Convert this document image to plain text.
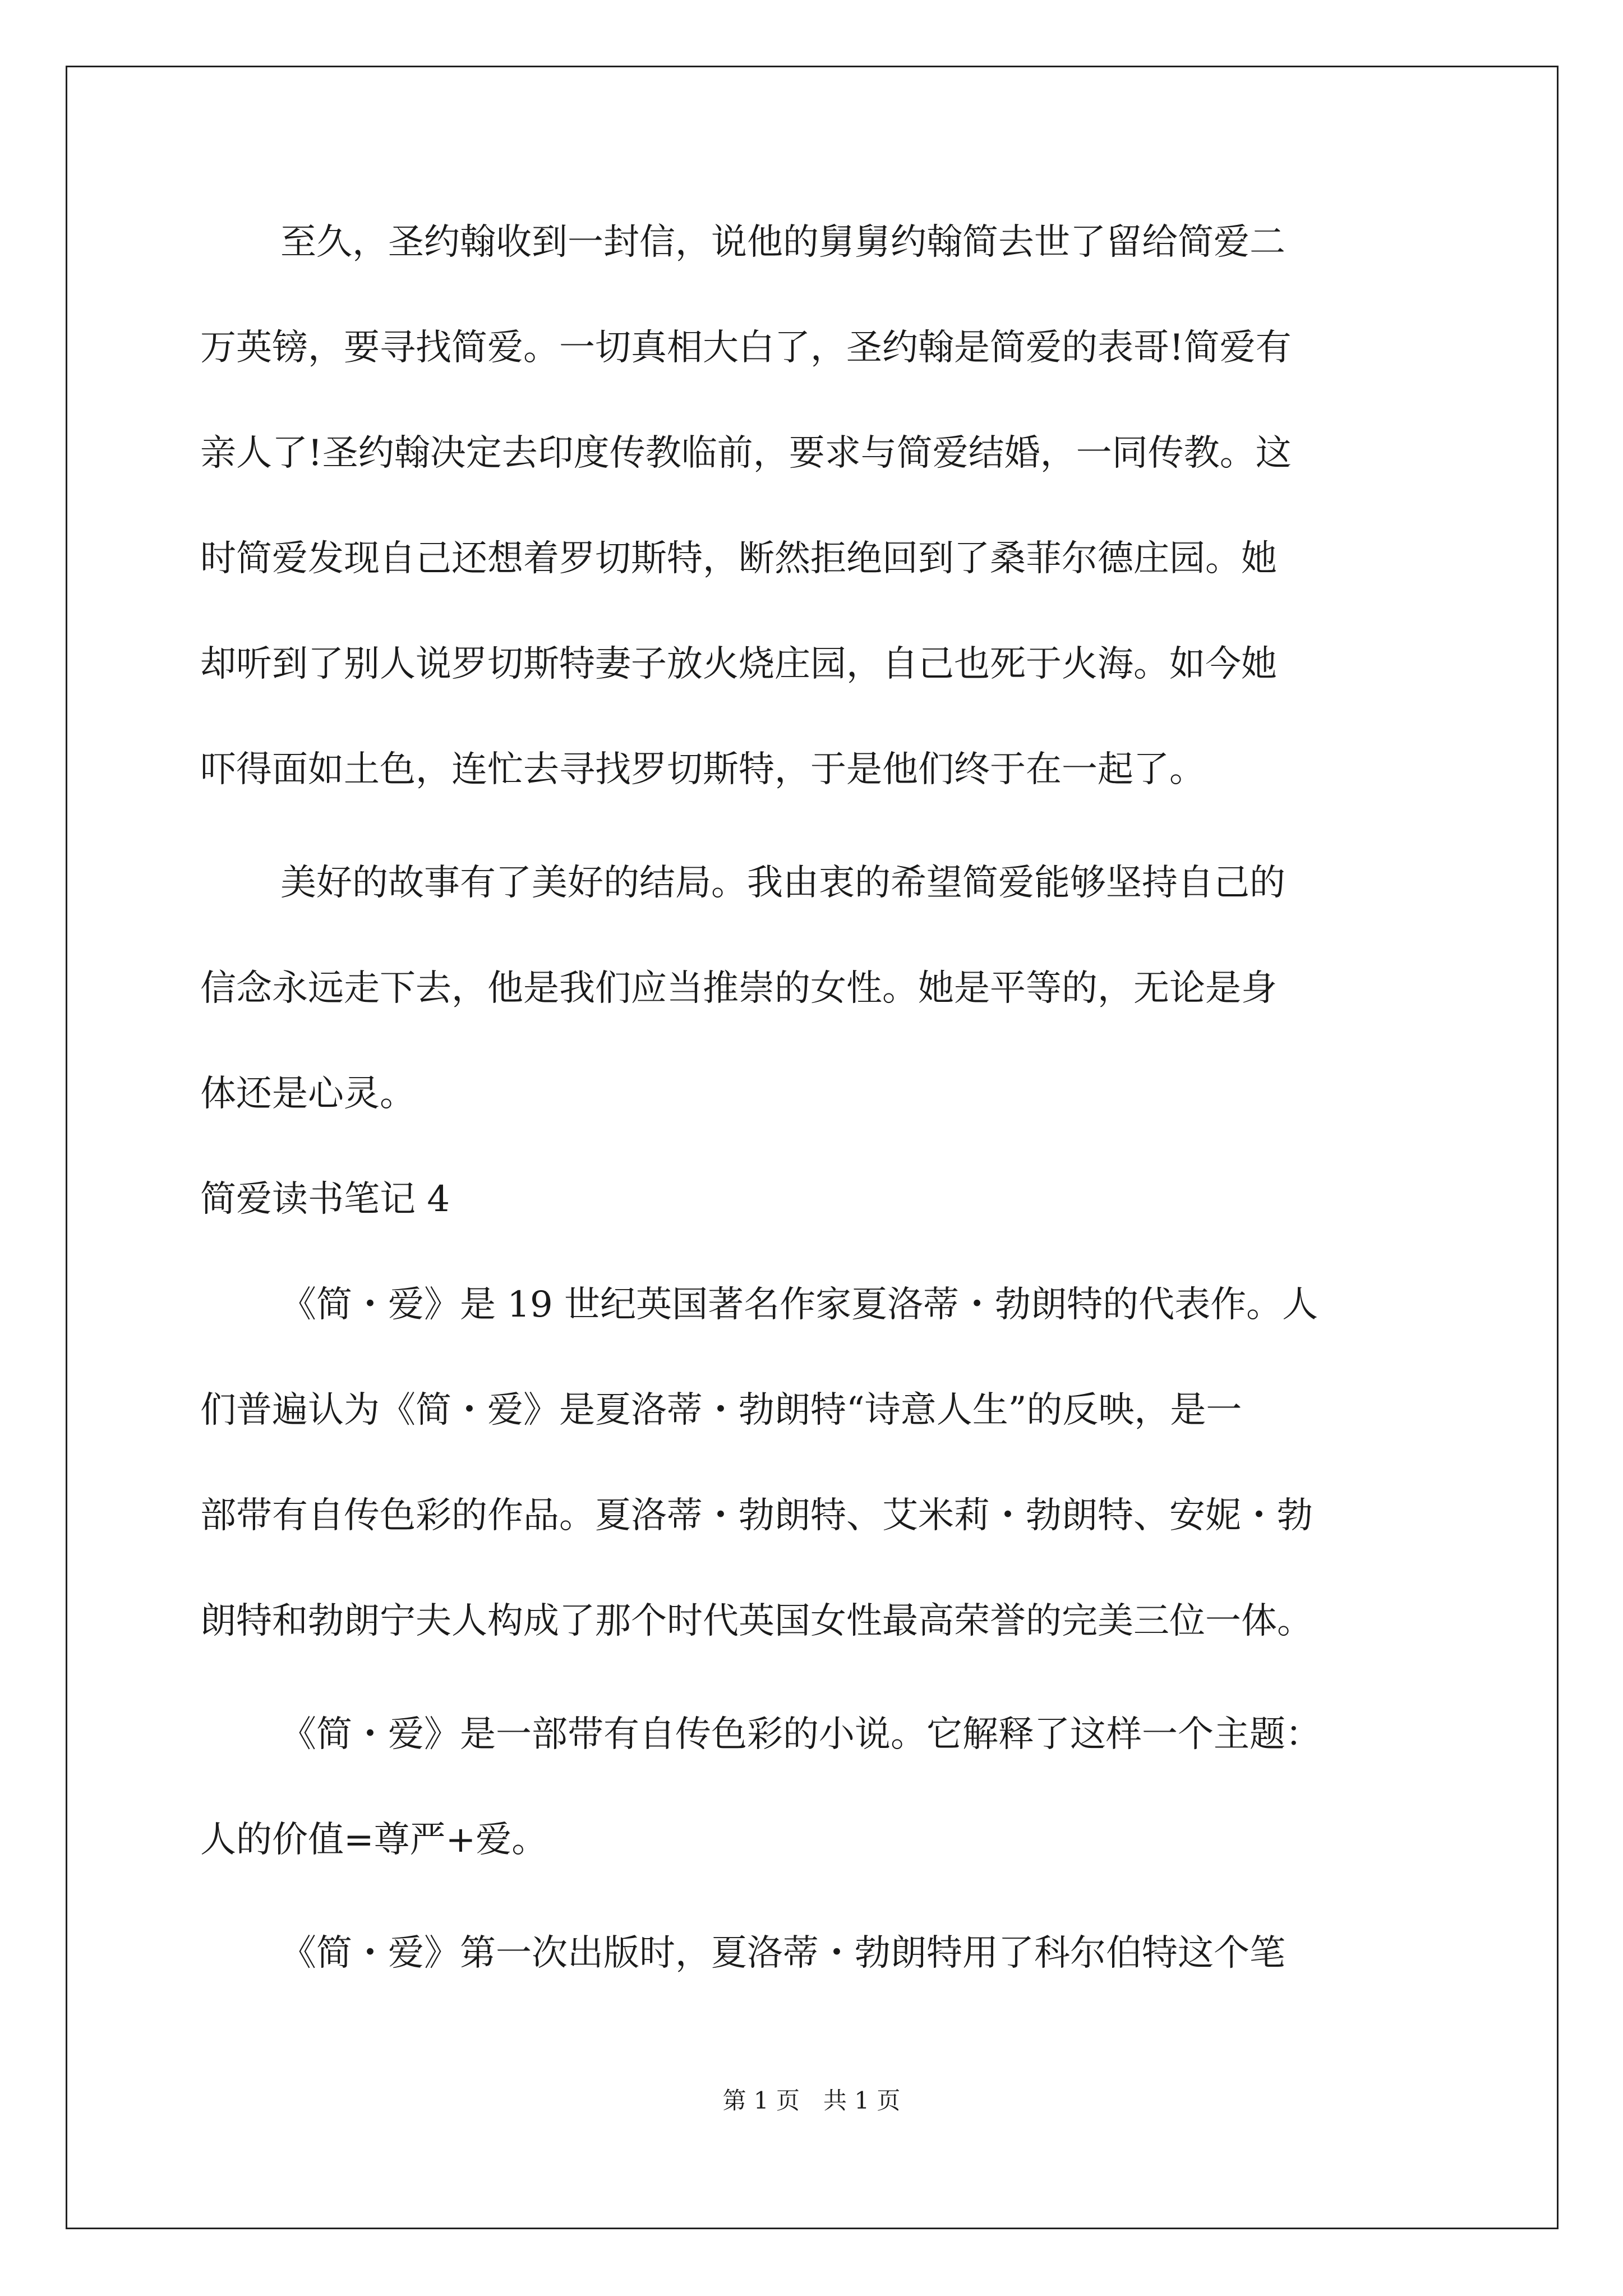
至久，圣约翰收到一封信，说他的舅舅约翰简去世了留给简爱二
万英镑，要寻找简爱。一切真相大白了，圣约翰是简爱的表哥!简爱有
亲人了!圣约翰决定去印度传教临前，要求与简爱结婚，一同传教。这
时简爱发现自己还想着罗切斯特，断然拒绝回到了桑菲尔德庄园。她
却听到了别人说罗切斯特妻子放火烧庄园，自己也死于火海。如今她
吓得面如土色，连忙去寻找罗切斯特，于是他们终于在一起了。
美好的故事有了美好的结局。我由衷的希望简爱能够坚持自己的
信念永远走下去，他是我们应当推崇的女性。她是平等的，无论是身
体还是心灵。
简爱读书笔记 4
《简・爱》是 19 世纪英国著名作家夏洛蒂・勃朗特的代表作。人
们普遍认为《简・爱》是夏洛蒂・勃朗特“诗意人生”的反映，是一
部带有自传色彩的作品。夏洛蒂・勃朗特、艾米莉・勃朗特、安妮・勃
朗特和勃朗宁夫人构成了那个时代英国女性最高荣誉的完美三位一体。
《简・爱》是一部带有自传色彩的小说。它解释了这样一个主题：
人的价值=尊严+爱。
《简・爱》第一次出版时，夏洛蒂・勃朗特用了科尔伯特这个笔
第 1 页　共 1 页
